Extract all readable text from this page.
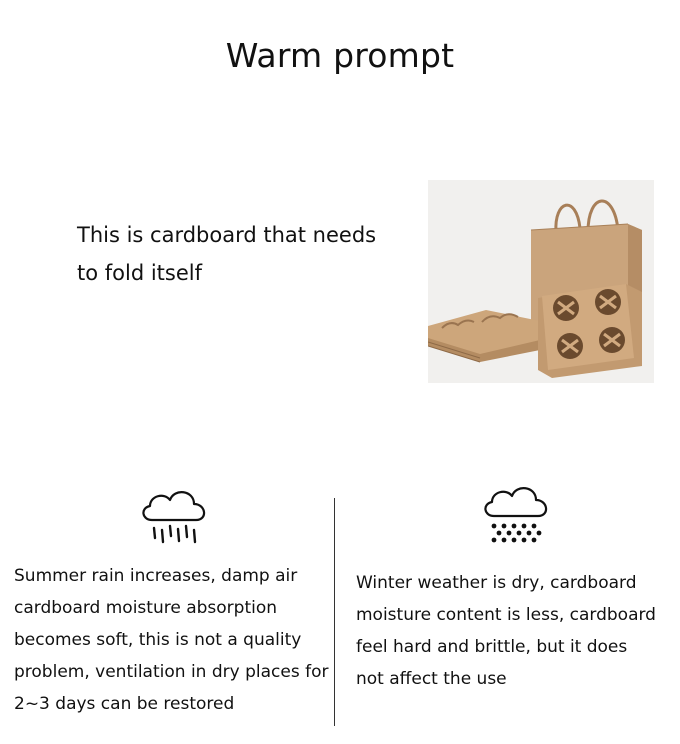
Warm prompt
This is cardboard that needs
to fold itself
Summer rain increases, damp air
cardboard moisture absorption
becomes soft, this is not a quality
problem, ventilation in dry places for
2~3 days can be restored
Winter weather is dry, cardboard
moisture content is less, cardboard
feel hard and brittle, but it does
not affect the use
